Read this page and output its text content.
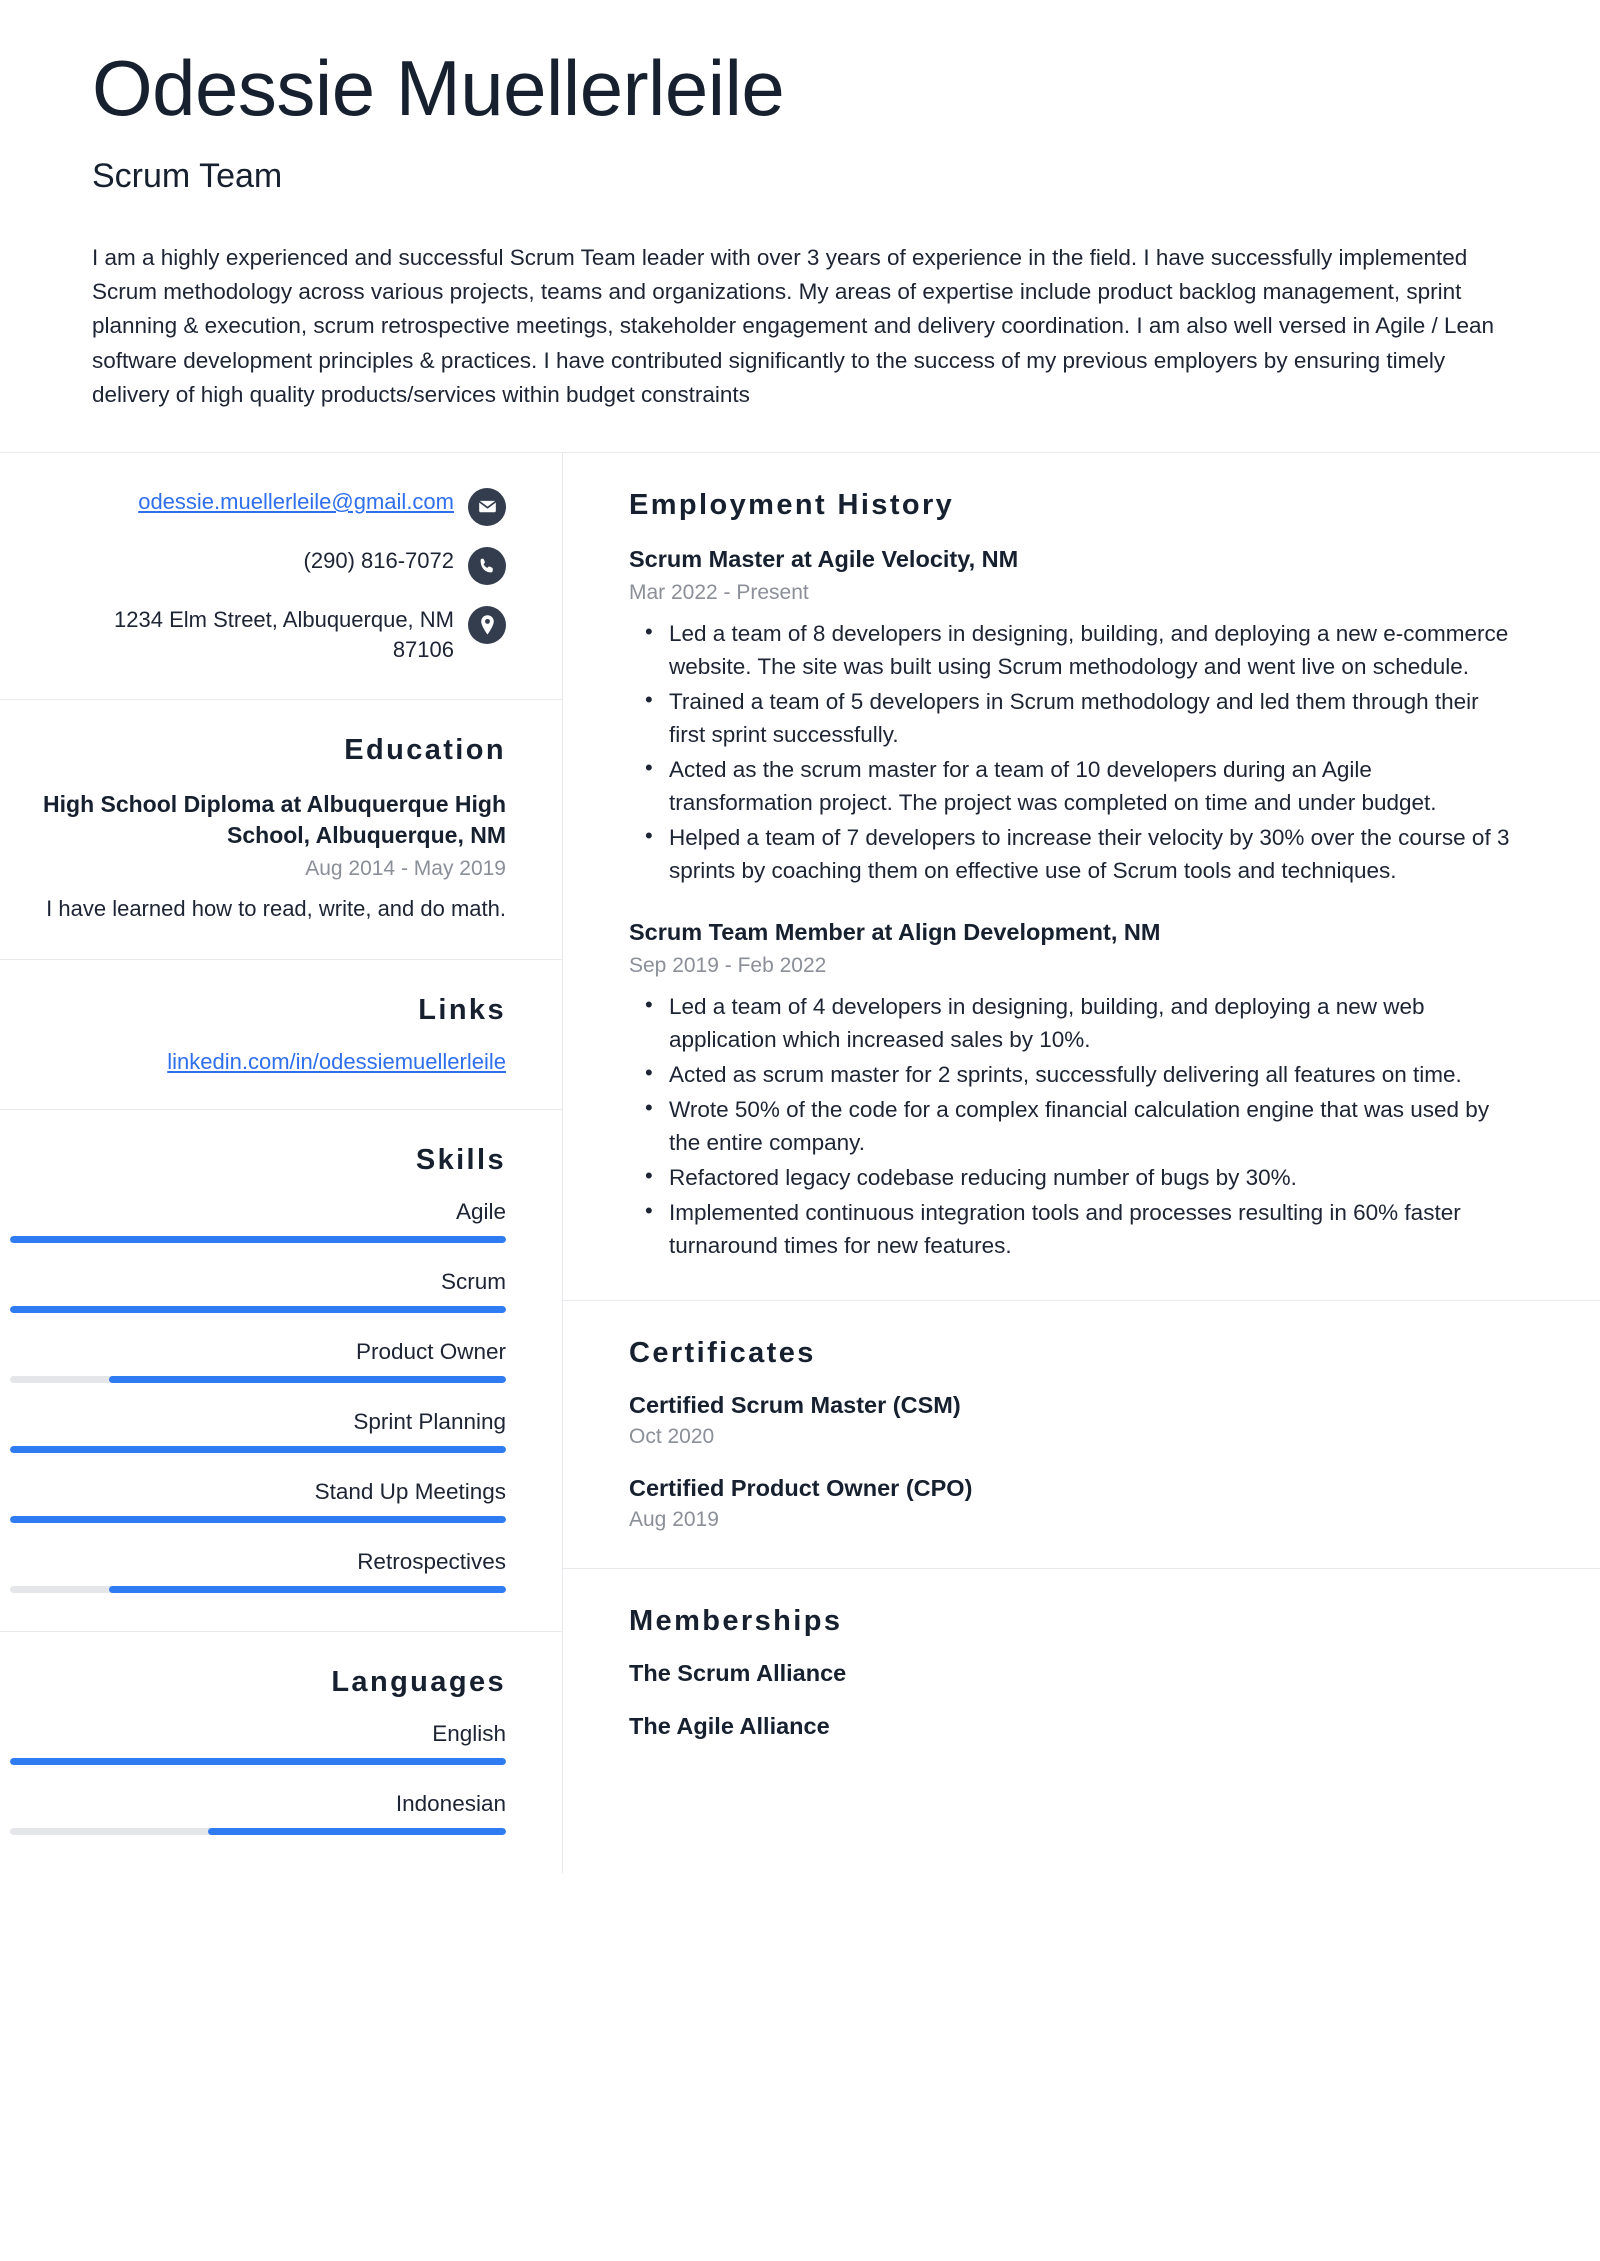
Odessie Muellerleile
Scrum Team

I am a highly experienced and successful Scrum Team leader with over 3 years of experience in the field. I have successfully implemented Scrum methodology across various projects, teams and organizations. My areas of expertise include product backlog management, sprint planning & execution, scrum retrospective meetings, stakeholder engagement and delivery coordination. I am also well versed in Agile / Lean software development principles & practices. I have contributed significantly to the success of my previous employers by ensuring timely delivery of high quality products/services within budget constraints

odessie.muellerleile@gmail.com
(290) 816-7072
1234 Elm Street, Albuquerque, NM 87106
Education
High School Diploma at Albuquerque High School, Albuquerque, NM
Aug 2014 - May 2019
I have learned how to read, write, and do math.
Links
linkedin.com/in/odessiemuellerleile
Skills
Agile
Scrum
Product Owner
Sprint Planning
Stand Up Meetings
Retrospectives
Languages
English
Indonesian
Employment History
Scrum Master at Agile Velocity, NM
Mar 2022 - Present
• Led a team of 8 developers in designing, building, and deploying a new e-commerce website. The site was built using Scrum methodology and went live on schedule.
• Trained a team of 5 developers in Scrum methodology and led them through their first sprint successfully.
• Acted as the scrum master for a team of 10 developers during an Agile transformation project. The project was completed on time and under budget.
• Helped a team of 7 developers to increase their velocity by 30% over the course of 3 sprints by coaching them on effective use of Scrum tools and techniques.
Scrum Team Member at Align Development, NM
Sep 2019 - Feb 2022
• Led a team of 4 developers in designing, building, and deploying a new web application which increased sales by 10%.
• Acted as scrum master for 2 sprints, successfully delivering all features on time.
• Wrote 50% of the code for a complex financial calculation engine that was used by the entire company.
• Refactored legacy codebase reducing number of bugs by 30%.
• Implemented continuous integration tools and processes resulting in 60% faster turnaround times for new features.
Certificates
Certified Scrum Master (CSM)
Oct 2020
Certified Product Owner (CPO)
Aug 2019
Memberships
The Scrum Alliance
The Agile Alliance
